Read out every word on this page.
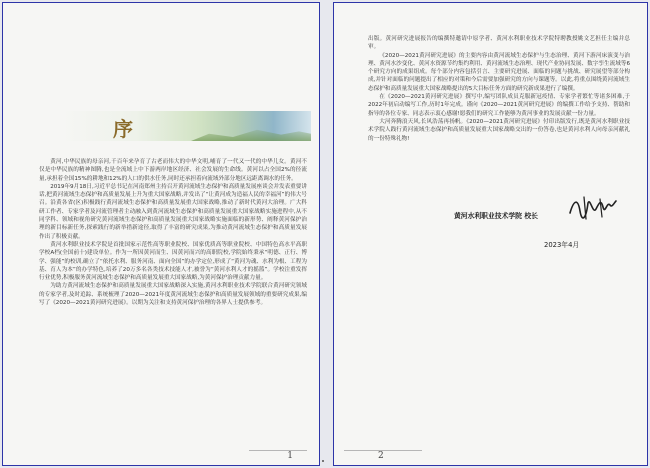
序

黄河,中华民族的母亲河,千百年来孕育了古老而伟大的中华文明,哺育了一代又一代的中华儿女。黄河不仅是中华民族的精神图腾,也是全流域上中下游两岸地区经济、社会发展的生命线。黄河以占全国2%的径流量,承担着全国15%的耕地和12%的人口的供水任务,同时还承担着向流域外部分地区远距离调水的任务。

2019年9月18日,习近平总书记在河南郑州主持召开黄河流域生态保护和高质量发展座谈会并发表重要讲话,把黄河流域生态保护和高质量发展上升为重大国家战略,并发出了“让黄河成为造福人民的幸福河”的伟大号召。沿黄各省(区)积极践行黄河流域生态保护和高质量发展重大国家战略,推动了新时代黄河大治理。广大科研工作者、专家学者及河流管理者主动融入到黄河流域生态保护和高质量发展重大国家战略实施进程中,从不同学科、领域和视角研究黄河流域生态保护和高质量发展重大国家战略实施面临的新形势、阐释黄河保护治理的新目标新任务,探索践行的新举措新途径,取得了丰富的研究成果,为推动黄河流域生态保护和高质量发展作出了积极贡献。

黄河水利职业技术学院是首批国家示范性高等职业院校、国家优质高等职业院校、中国特色高水平高职学校A档(全国前十)建设单位。作为一所因黄河而生、因黄河而兴的高职院校,学院始终秉承“明德、正行、博学、强能”的校训,确立了“依托水利、服务河南、面向全国”的办学定位,形成了“黄河为魂、水利为根、工程为基、育人为本”的办学特色,培养了20万多名各类技术技能人才,被誉为“黄河水利人才的摇篮”。学校注重发挥行业优势,积极服务黄河流域生态保护和高质量发展重大国家战略,为黄河保护治理贡献力量。

为助力黄河流域生态保护和高质量发展重大国家战略深入实施,黄河水利职业技术学院联合黄河研究领域的专家学者,及时追踪、系统梳理了2020—2021年度黄河流域生态保护和高质量发展领域的重要研究成果,编写了《2020—2021黄河研究进展》。以期为关注和支持黄河保护治理的各界人士提供参考。

1

出版。黄河研究进展报告的编撰特邀请中原学者、黄河水利职业技术学院特聘教授姚文艺担任主编并总审。

《2020—2021黄河研究进展》的主要内容由黄河流域生态保护与生态治理、黄河下游河床演变与治理、黄河水沙变化、黄河水资源节约集约利用、黄河流域生态治理、现代产业协同发展、数字孪生流域等6个研究方向的成果组成。每个部分内容包括引言、主要研究进展、面临的问题与挑战、研究展望等部分构成,并针对面临的问题提出了相应的对策和今后需要加强研究的方向与课题等。以此,将重点围绕黄河流域生态保护和高质量发展重大国家战略提出的5大目标任务方面的研究新成果进行了编撰。

在《2020—2021黄河研究进展》撰写中,编写团队成员克服新冠疫情、专家学者繁忙等诸多困难,于2022年初启动编写工作,历时1年完成。谨向《2020—2021黄河研究进展》的编撰工作给予支持、帮助和指导的各位专家、同志表示衷心感谢!愿我们的研究工作能够为黄河事业的发展贡献一份力量。

大河奔腾浪天风,长风浩荡再扬帆。《2020—2021黄河研究进展》付印出版发行,既是黄河水利职业技术学院人践行黄河流域生态保护和高质量发展重大国家战略交出的一份答卷,也是黄河水利人向母亲河献礼的一份特殊礼物!

黄河水利职业技术学院 校长
2023年4月
2
